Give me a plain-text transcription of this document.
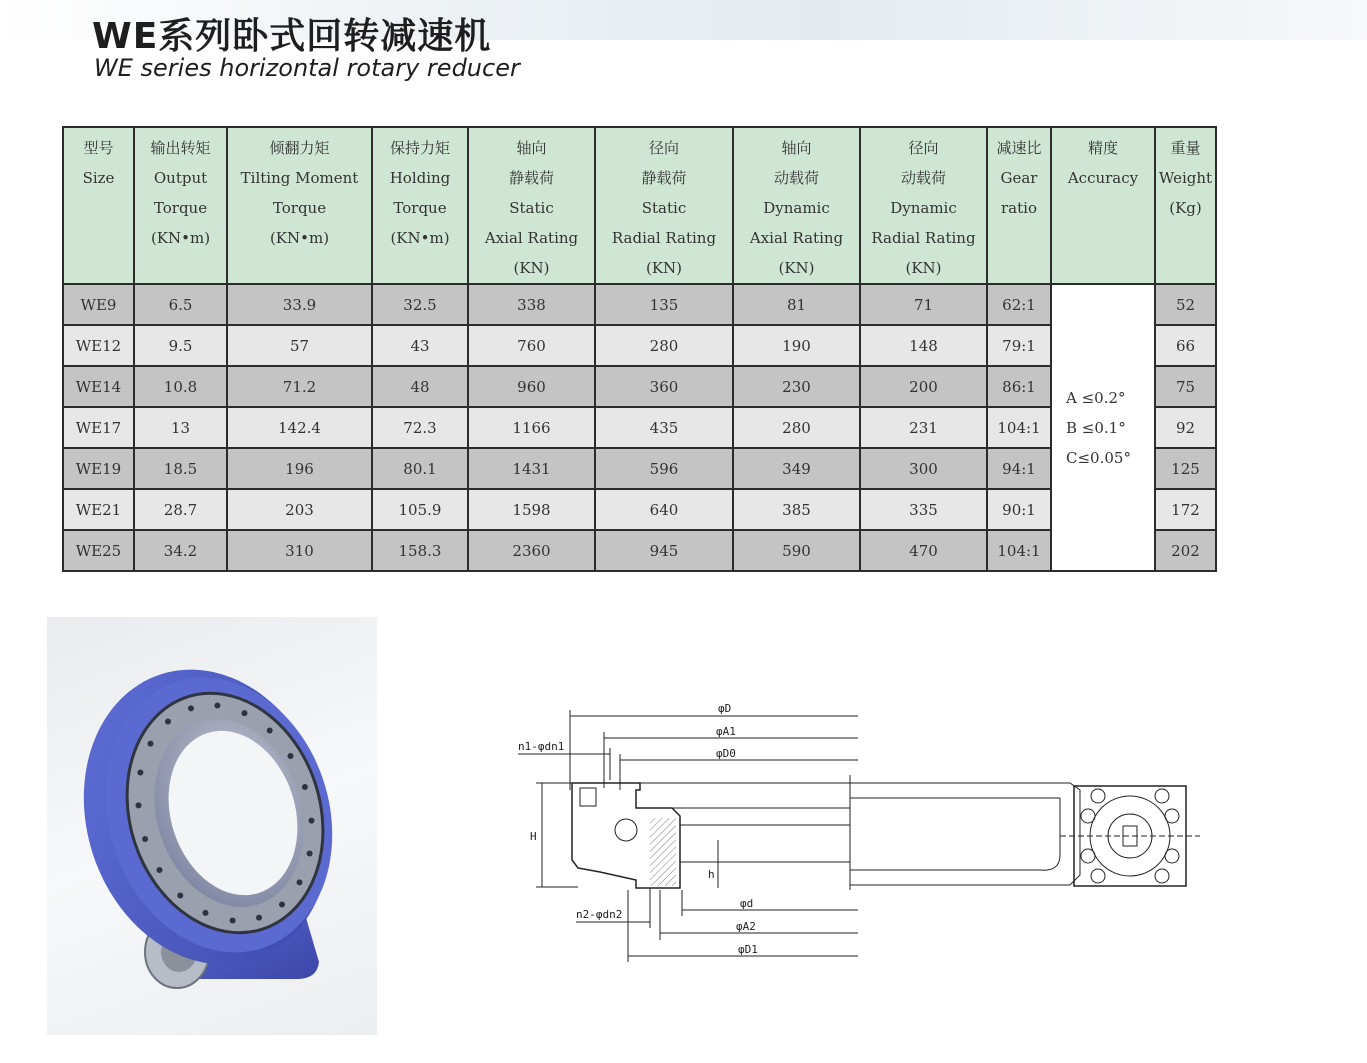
WE系列卧式回转减速机
WE series horizontal rotary reducer
型号
Size	输出转矩
Output
Torque
(KN•m)	倾翻力矩
Tilting Moment
Torque
(KN•m)	保持力矩
Holding
Torque
(KN•m)	轴向
静载荷
Static
Axial Rating
(KN)	径向
静载荷
Static
Radial Rating
(KN)	轴向
动载荷
Dynamic
Axial Rating
(KN)	径向
动载荷
Dynamic
Radial Rating
(KN)	减速比
Gear
ratio	精度
Accuracy	重量
Weight
(Kg)

WE9	6.5	33.9	32.5	338	135	81	71	62:1	A ≤0.2°
B ≤0.1°
C≤0.05°	52
WE12	9.5	57	43	760	280	190	148	79:1		66
WE14	10.8	71.2	48	960	360	230	200	86:1		75
WE17	13	142.4	72.3	1166	435	280	231	104:1		92
WE19	18.5	196	80.1	1431	596	349	300	94:1		125
WE21	28.7	203	105.9	1598	640	385	335	90:1		172
WE25	34.2	310	158.3	2360	945	590	470	104:1		202
φD
φA1
φD0
n1-φdn1
H
h
φd
n2-φdn2
φA2
φD1
